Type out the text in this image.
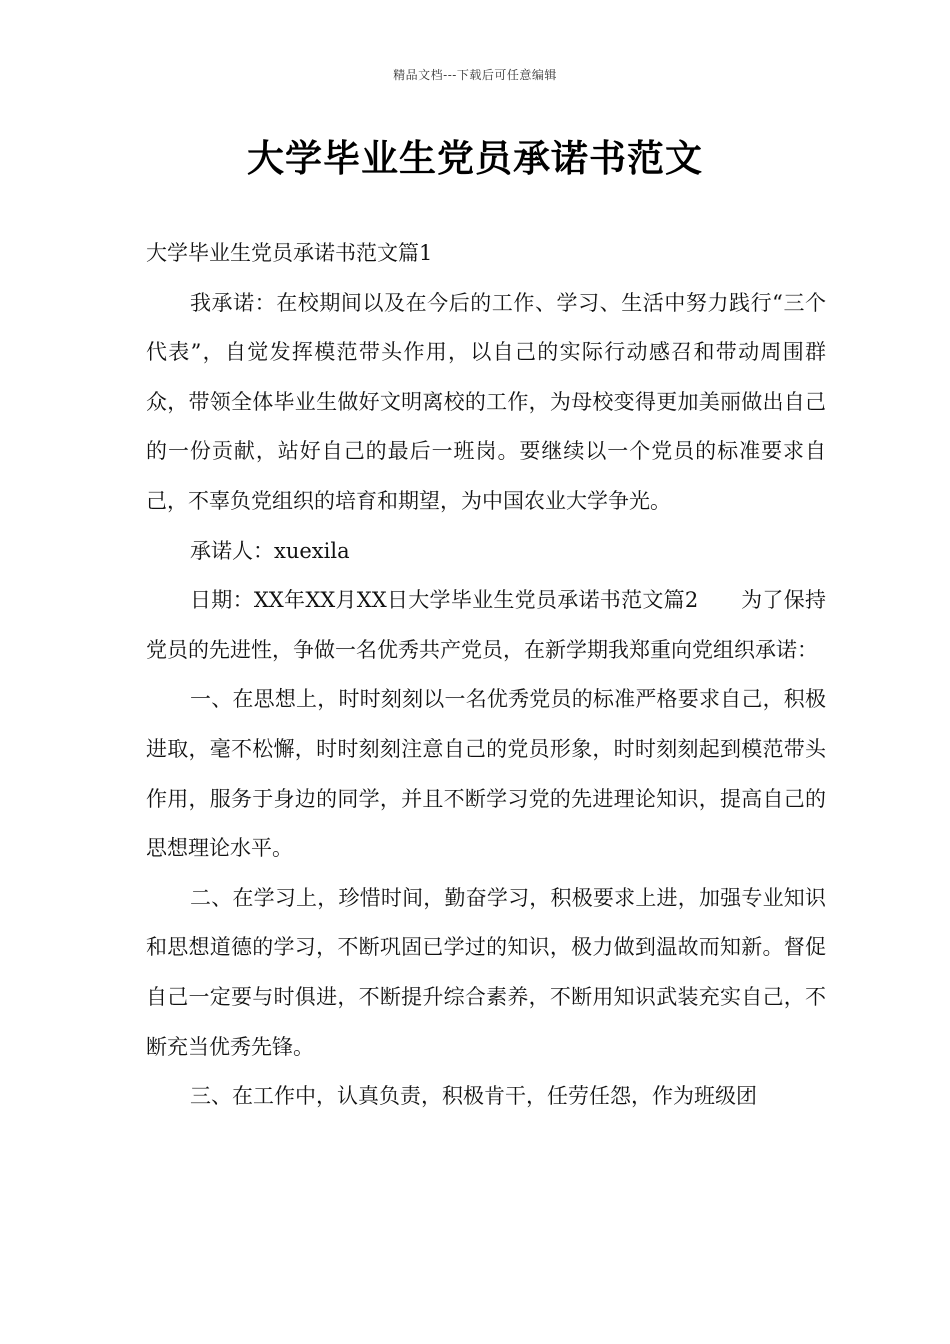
精品文档---下载后可任意编辑
大学毕业生党员承诺书范文

大学毕业生党员承诺书范文篇1

我承诺：在校期间以及在今后的工作、学习、生活中努力践行“三个代表”，自觉发挥模范带头作用，以自己的实际行动感召和带动周围群众，带领全体毕业生做好文明离校的工作，为母校变得更加美丽做出自己的一份贡献，站好自己的最后一班岗。要继续以一个党员的标准要求自己，不辜负党组织的培育和期望，为中国农业大学争光。

承诺人：xuexila

日期：XX年XX月XX日大学毕业生党员承诺书范文篇2　　为了保持党员的先进性，争做一名优秀共产党员，在新学期我郑重向党组织承诺：

一、在思想上，时时刻刻以一名优秀党员的标准严格要求自己，积极进取，毫不松懈，时时刻刻注意自己的党员形象，时时刻刻起到模范带头作用，服务于身边的同学，并且不断学习党的先进理论知识，提高自己的思想理论水平。

二、在学习上，珍惜时间，勤奋学习，积极要求上进，加强专业知识和思想道德的学习，不断巩固已学过的知识，极力做到温故而知新。督促自己一定要与时俱进，不断提升综合素养，不断用知识武装充实自己，不断充当优秀先锋。

三、在工作中，认真负责，积极肯干，任劳任怨，作为班级团
